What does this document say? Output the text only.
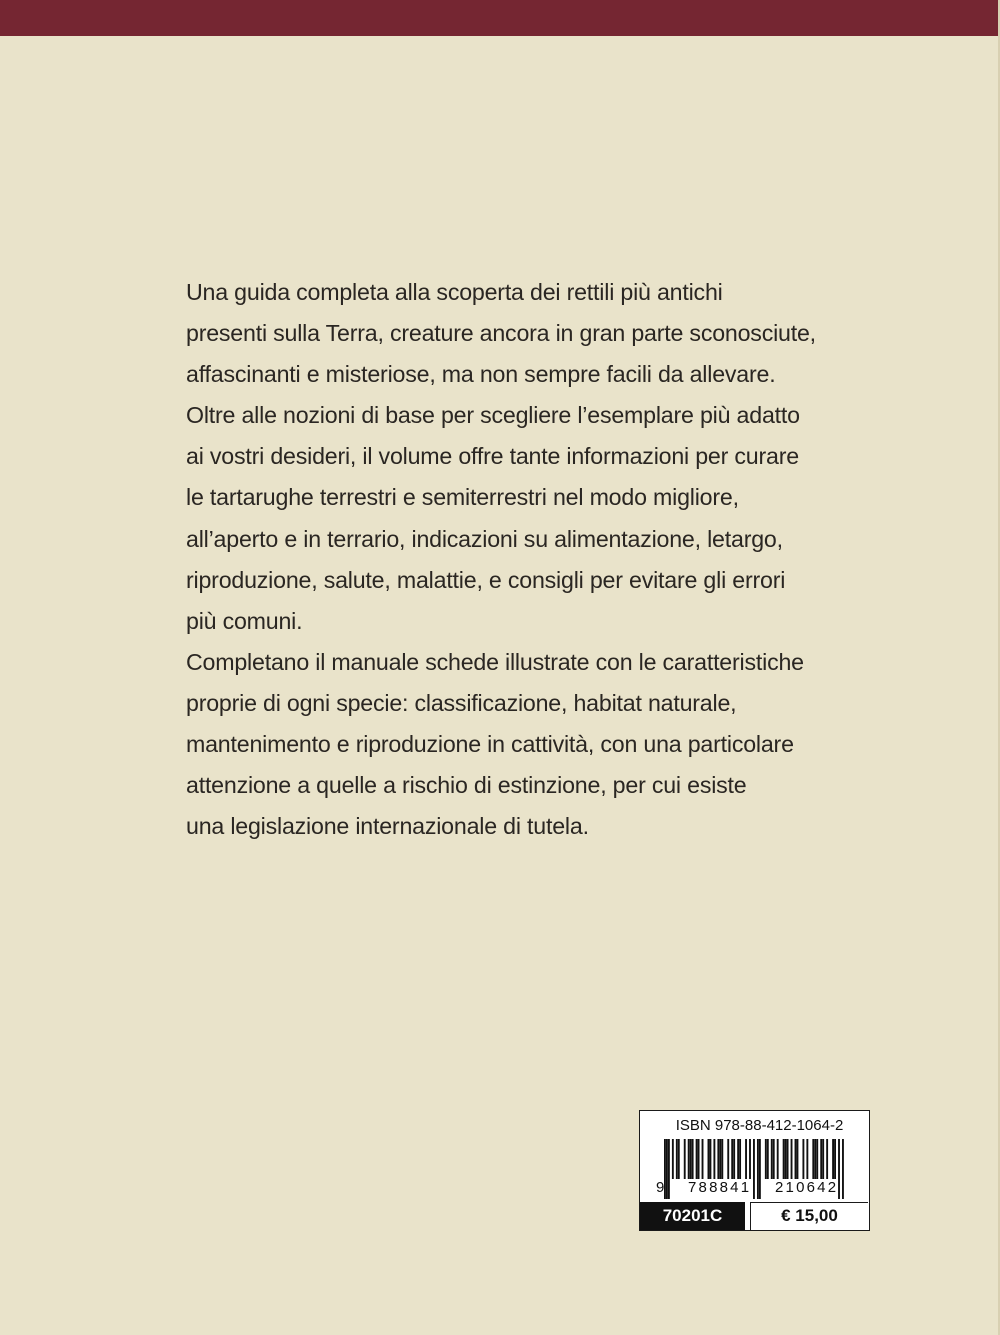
Una guida completa alla scoperta dei rettili più antichi
presenti sulla Terra, creature ancora in gran parte sconosciute,
affascinanti e misteriose, ma non sempre facili da allevare.
Oltre alle nozioni di base per scegliere l’esemplare più adatto
ai vostri desideri, il volume offre tante informazioni per curare
le tartarughe terrestri e semiterrestri nel modo migliore,
all’aperto e in terrario, indicazioni su alimentazione, letargo,
riproduzione, salute, malattie, e consigli per evitare gli errori
più comuni.
Completano il manuale schede illustrate con le caratteristiche
proprie di ogni specie: classificazione, habitat naturale,
mantenimento e riproduzione in cattività, con una particolare
attenzione a quelle a rischio di estinzione, per cui esiste
una legislazione internazionale di tutela.
ISBN 978-88-412-1064-2
9 788841 210642
70201C	€ 15,00
